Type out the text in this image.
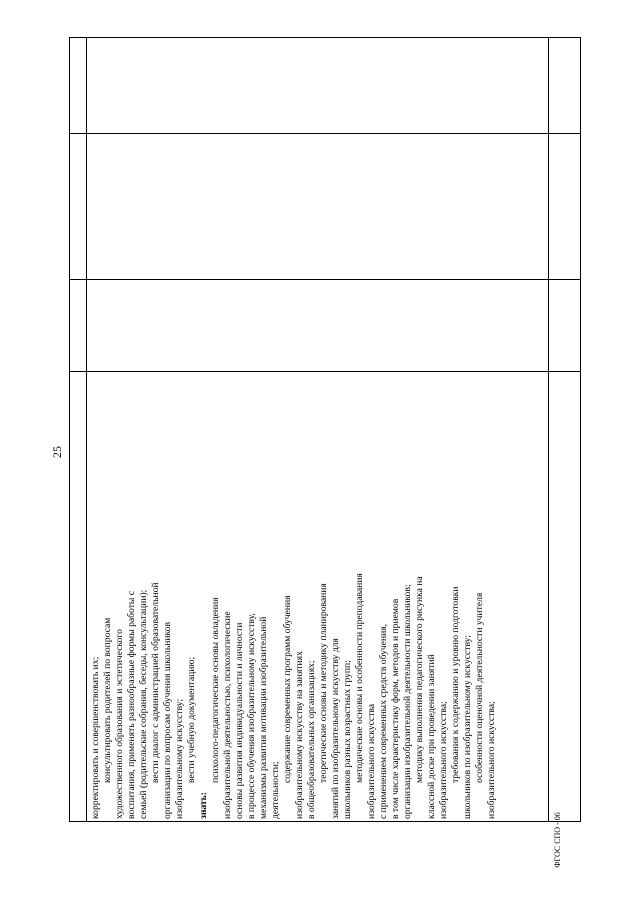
25

корректировать и совершенствовать их; консультировать родителей по вопросам художественного образования и эстетического воспитания, применять разнообразные формы работы с семьей (родительские собрания, беседы, консультации); вести диалог с администрацией образовательной организации по вопросам обучения школьников изобразительному искусству; вести учебную документацию;

знать:

психолого-педагогические основы овладения изобразительной деятельностью, психологические основы развития индивидуальности и личности в процессе обучения изобразительному искусству, механизмы развития мотивации изобразительной деятельности;

содержание современных программ обучения изобразительному искусству на занятиях в общеобразовательных организациях; теоретические основы и методику планирования занятий по изобразительному искусству для школьников разных возрастных групп; методические основы и особенности преподавания изобразительного искусства с применением современных средств обучения, в том числе характеристику форм, методов и приемов организации изобразительной деятельности школьников; методику выполнения педагогического рисунка на классной доске при проведении занятий изобразительного искусства; требования к содержанию и уровню подготовки школьников по изобразительному искусству; особенности оценочной деятельности учителя изобразительного искусства;

ФГОС СПО - 06
